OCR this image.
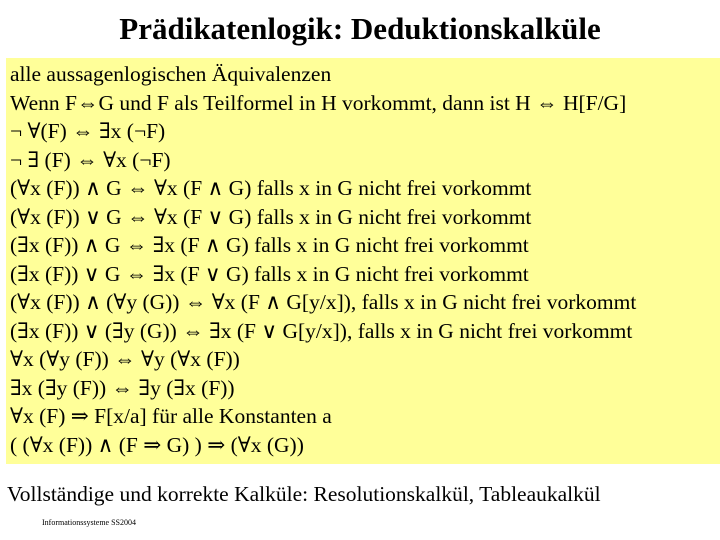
Prädikatenlogik: Deduktionskalküle
alle aussagenlogischen Äquivalenzen
Wenn F⇔G und F als Teilformel in H vorkommt, dann ist H ⇔ H[F/G]
¬ ∀(F) ⇔ ∃x (¬F)
¬ ∃ (F) ⇔ ∀x (¬F)
(∀x (F)) ∧ G ⇔ ∀x (F ∧ G) falls x in G nicht frei vorkommt
(∀x (F)) ∨ G ⇔ ∀x (F ∨ G) falls x in G nicht frei vorkommt
(∃x (F)) ∧ G ⇔ ∃x (F ∧ G) falls x in G nicht frei vorkommt
(∃x (F)) ∨ G ⇔ ∃x (F ∨ G) falls x in G nicht frei vorkommt
(∀x (F)) ∧ (∀y (G)) ⇔ ∀x (F ∧ G[y/x]), falls x in G nicht frei vorkommt
(∃x (F)) ∨ (∃y (G)) ⇔ ∃x (F ∨ G[y/x]), falls x in G nicht frei vorkommt
∀x (∀y (F)) ⇔ ∀y (∀x (F))
∃x (∃y (F)) ⇔ ∃y (∃x (F))
∀x (F) ⇒ F[x/a] für alle Konstanten a
( (∀x (F)) ∧ (F ⇒ G) ) ⇒ (∀x (G))
Vollständige und korrekte Kalküle: Resolutionskalkül, Tableaukalkül
Informationssysteme SS2004
